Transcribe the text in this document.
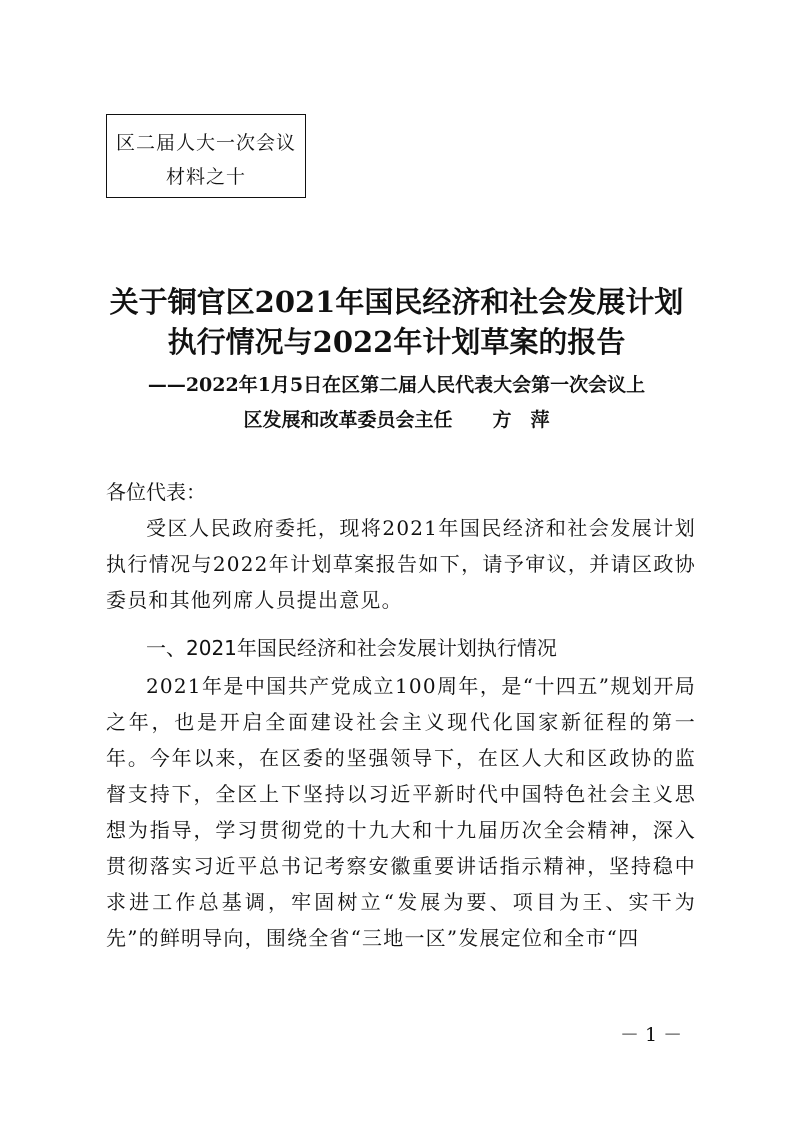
区二届人大一次会议
材料之十
关于铜官区2021年国民经济和社会发展计划
执行情况与2022年计划草案的报告
——2022年1月5日在区第二届人民代表大会第一次会议上
区发展和改革委员会主任 方　萍
各位代表：
受区人民政府委托，现将2021年国民经济和社会发展计划执行情况与2022年计划草案报告如下，请予审议，并请区政协委员和其他列席人员提出意见。
一、2021年国民经济和社会发展计划执行情况
2021年是中国共产党成立100周年，是“十四五”规划开局之年，也是开启全面建设社会主义现代化国家新征程的第一年。今年以来，在区委的坚强领导下，在区人大和区政协的监督支持下，全区上下坚持以习近平新时代中国特色社会主义思想为指导，学习贯彻党的十九大和十九届历次全会精神，深入贯彻落实习近平总书记考察安徽重要讲话指示精神，坚持稳中求进工作总基调，牢固树立“发展为要、项目为王、实干为先”的鲜明导向，围绕全省“三地一区”发展定位和全市“四
－ 1 －
